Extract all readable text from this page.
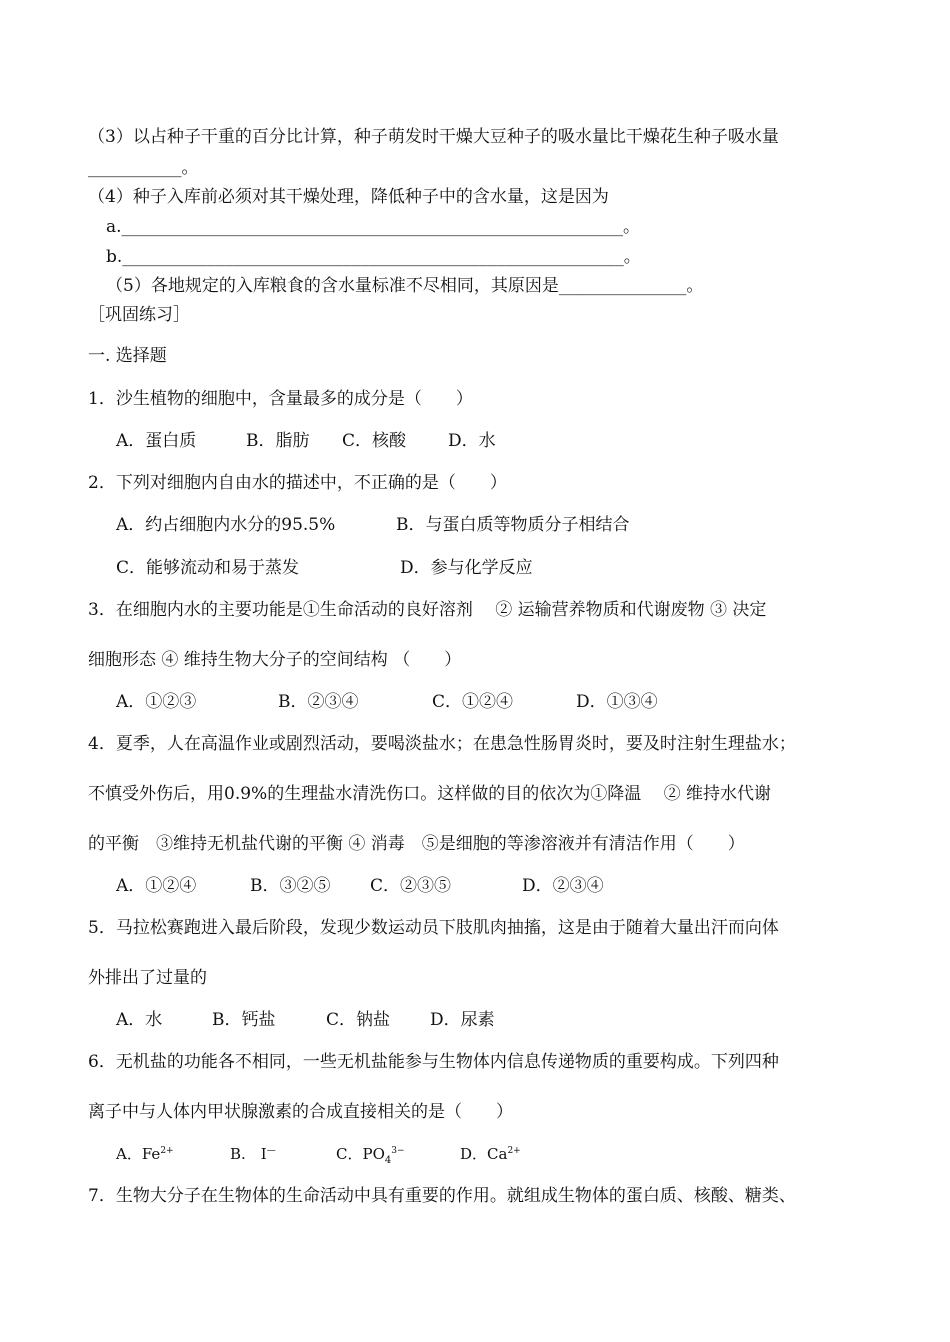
（3）以占种子干重的百分比计算，种子萌发时干燥大豆种子的吸水量比干燥花生种子吸水量
___________。
（4）种子入库前必须对其干燥处理，降低种子中的含水量，这是因为
a.___________________________________________________________。
b.___________________________________________________________。
（5）各地规定的入库粮食的含水量标准不尽相同，其原因是_______________。
［巩固练习］
一. 选择题
1．沙生植物的细胞中，含量最多的成分是（　　）
A．蛋白质	B．脂肪 C．核酸 D．水
2．下列对细胞内自由水的描述中，不正确的是（　　）
A．约占细胞内水分的95.5%	B．与蛋白质等物质分子相结合
C．能够流动和易于蒸发	D．参与化学反应
3．在细胞内水的主要功能是①生命活动的良好溶剂　 ② 运输营养物质和代谢废物 ③ 决定
细胞形态 ④ 维持生物大分子的空间结构 （　　）
A．①②③	B．②③④	C．①②④	D．①③④
4．夏季，人在高温作业或剧烈活动，要喝淡盐水；在患急性肠胃炎时，要及时注射生理盐水；
不慎受外伤后，用0.9%的生理盐水清洗伤口。这样做的目的依次为①降温　 ② 维持水代谢
的平衡　③维持无机盐代谢的平衡 ④ 消毒　⑤是细胞的等渗溶液并有清洁作用（　　）
A．①②④	B．③②⑤ C．②③⑤	D．②③④
5．马拉松赛跑进入最后阶段，发现少数运动员下肢肌肉抽搐，这是由于随着大量出汗而向体
外排出了过量的
A．水	B．钙盐	C．钠盐 D．尿素
6．无机盐的功能各不相同，一些无机盐能参与生物体内信息传递物质的重要构成。下列四种
离子中与人体内甲状腺激素的合成直接相关的是（　　）
A．$Fe^{2+}$	B.　I—	C．$PO_4^{3-}$	D．$Ca^{2+}$
7．生物大分子在生物体的生命活动中具有重要的作用。就组成生物体的蛋白质、核酸、糖类、
